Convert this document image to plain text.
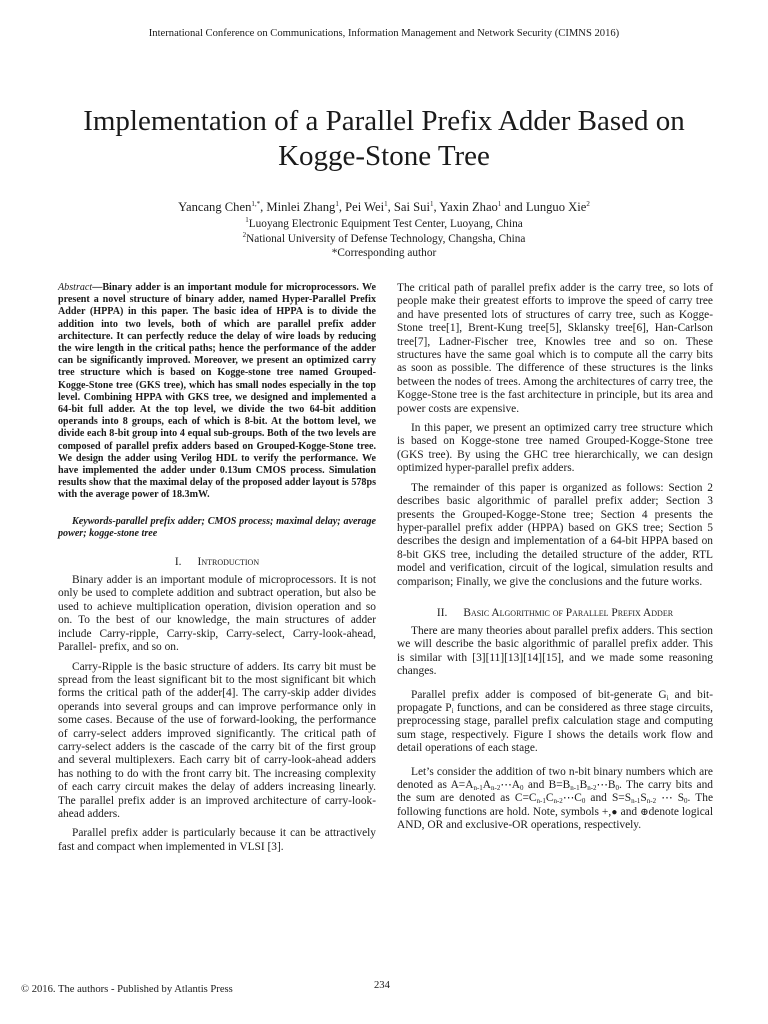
International Conference on Communications, Information Management and Network Security (CIMNS 2016)
Implementation of a Parallel Prefix Adder Based on
Kogge-Stone Tree
Yancang Chen$^{1,*}$, Minlei Zhang$^1$, Pei Wei$^1$, Sai Sui$^1$, Yaxin Zhao$^1$ and Lunguo Xie$^2$
$^1$Luoyang Electronic Equipment Test Center, Luoyang, China
$^2$National University of Defense Technology, Changsha, China
*Corresponding author

Abstract—Binary adder is an important module for microprocessors. We present a novel structure of binary adder, named Hyper-Parallel Prefix Adder (HPPA) in this paper. The basic idea of HPPA is to divide the addition into two levels, both of which are parallel prefix adder architecture. It can perfectly reduce the delay of wire loads by reducing the wire length in the critical paths; hence the performance of the adder can be significantly improved. Moreover, we present an optimized carry tree structure which is based on Kogge-stone tree named Grouped-Kogge-Stone tree (GKS tree), which has small nodes especially in the top level. Combining HPPA with GKS tree, we designed and implemented a 64-bit full adder. At the top level, we divide the two 64-bit addition operands into 8 groups, each of which is 8-bit. At the bottom level, we divide each 8-bit group into 4 equal sub-groups. Both of the two levels are composed of parallel prefix adders based on Grouped-Kogge-Stone tree. We design the adder using Verilog HDL to verify the performance. We have implemented the adder under 0.13um CMOS process. Simulation results show that the maximal delay of the proposed adder layout is 578ps with the average power of 18.3mW.

Keywords-parallel prefix adder; CMOS process; maximal delay; average power; kogge-stone tree

I. Introduction

Binary adder is an important module of microprocessors. It is not only be used to complete addition and subtract operation, but also be used to achieve multiplication operation, division operation and so on. To the best of our knowledge, the main structures of adder include Carry-ripple, Carry-skip, Carry-select, Carry-look-ahead, Parallel- prefix, and so on.

Carry-Ripple is the basic structure of adders. Its carry bit must be spread from the least significant bit to the most significant bit which forms the critical path of the adder[4]. The carry-skip adder divides operands into several groups and can improve performance only in some cases. Because of the use of forward-looking, the performance of carry-select adders improved significantly. The critical path of carry-select adders is the cascade of the carry bit of the first group and several multiplexers. Each carry bit of carry-look-ahead adders has nothing to do with the front carry bit. The increasing complexity of each carry circuit makes the delay of adders increasing linearly. The parallel prefix adder is an improved architecture of carry-look-ahead adders.

Parallel prefix adder is particularly because it can be attractively fast and compact when implemented in VLSI [3].

The critical path of parallel prefix adder is the carry tree, so lots of people make their greatest efforts to improve the speed of carry tree and have presented lots of structures of carry tree, such as Kogge-Stone tree[1], Brent-Kung tree[5], Sklansky tree[6], Han-Carlson tree[7], Ladner-Fischer tree, Knowles tree and so on. These structures have the same goal which is to compute all the carry bits as soon as possible. The difference of these structures is the links between the nodes of trees. Among the architectures of carry tree, the Kogge-Stone tree is the fast architecture in principle, but its area and power costs are expensive.

In this paper, we present an optimized carry tree structure which is based on Kogge-stone tree named Grouped-Kogge-Stone tree (GKS tree). By using the GHC tree hierarchically, we can design optimized hyper-parallel prefix adders.

The remainder of this paper is organized as follows: Section 2 describes basic algorithmic of parallel prefix adder; Section 3 presents the Grouped-Kogge-Stone tree; Section 4 presents the hyper-parallel prefix adder (HPPA) based on GKS tree; Section 5 describes the design and implementation of a 64-bit HPPA based on 8-bit GKS tree, including the detailed structure of the adder, RTL model and verification, circuit of the logical, simulation results and comparison; Finally, we give the conclusions and the future works.

II. Basic Algorithmic of Parallel Prefix Adder

There are many theories about parallel prefix adders. This section we will describe the basic algorithmic of parallel prefix adder. This is similar with [3][11][13][14][15], and we made some reasoning changes.

Parallel prefix adder is composed of bit-generate $G_i$ and bit-propagate $P_i$ functions, and can be considered as three stage circuits, preprocessing stage, parallel prefix calculation stage and computing sum stage, respectively. Figure I shows the details work flow and detail operations of each stage.

Let’s consider the addition of two n-bit binary numbers which are denoted as $A=A_{n-1}A_{n-2}\cdots A_0$ and $B=B_{n-1}B_{n-2}\cdots B_0$. The carry bits and the sum are denoted as $C=C_{n-1}C_{n-2}\cdots C_0$ and $S=S_{n-1}S_{n-2}$ ⋯ $S_0$. The following functions are hold. Note, symbols +,● and ⊕denote logical AND, OR and exclusive-OR operations, respectively.

© 2016. The authors - Published by Atlantis Press	234
